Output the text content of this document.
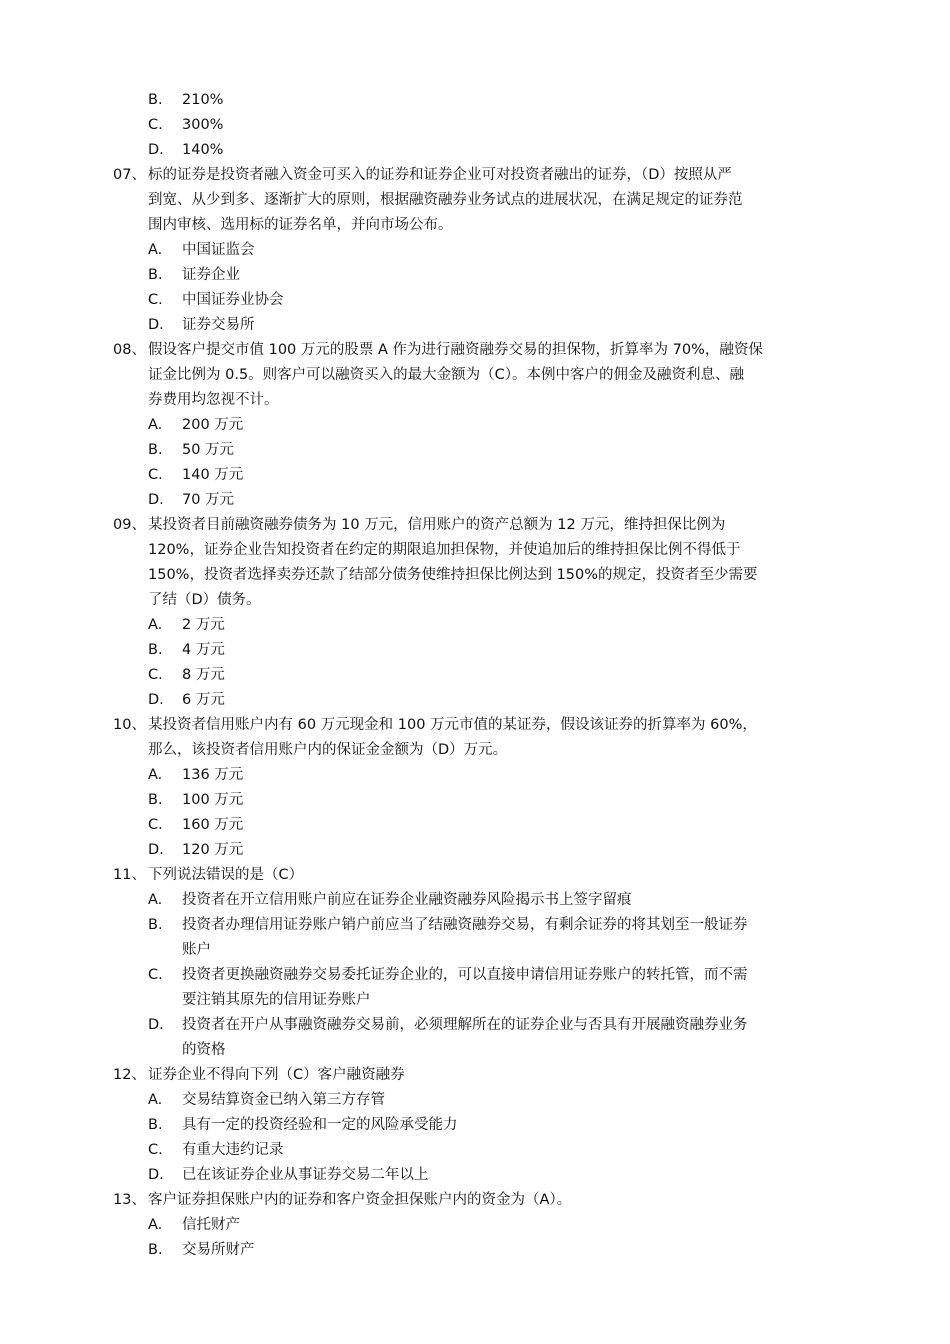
B. 210%
C. 300%
D. 140%
07、 标的证券是投资者融入资金可买入的证券和证券企业可对投资者融出的证券，（D）按照从严
到宽、从少到多、逐渐扩大的原则，根据融资融券业务试点的进展状况，在满足规定的证券范
围内审核、选用标的证券名单，并向市场公布。
A. 中国证监会
B. 证券企业
C. 中国证券业协会
D. 证券交易所
08、 假设客户提交市值 100 万元的股票 A 作为进行融资融券交易的担保物，折算率为 70%，融资保
证金比例为 0.5。则客户可以融资买入的最大金额为（C）。本例中客户的佣金及融资利息、融
券费用均忽视不计。
A. 200 万元
B. 50 万元
C. 140 万元
D. 70 万元
09、 某投资者目前融资融券债务为 10 万元，信用账户的资产总额为 12 万元，维持担保比例为
120%，证券企业告知投资者在约定的期限追加担保物，并使追加后的维持担保比例不得低于
150%，投资者选择卖券还款了结部分债务使维持担保比例达到 150%的规定，投资者至少需要
了结（D）债务。
A. 2 万元
B. 4 万元
C. 8 万元
D. 6 万元
10、 某投资者信用账户内有 60 万元现金和 100 万元市值的某证券，假设该证券的折算率为 60%，
那么，该投资者信用账户内的保证金金额为（D）万元。
A. 136 万元
B. 100 万元
C. 160 万元
D. 120 万元
11、 下列说法错误的是（C）
A. 投资者在开立信用账户前应在证券企业融资融券风险揭示书上签字留痕
B. 投资者办理信用证券账户销户前应当了结融资融券交易，有剩余证券的将其划至一般证券
账户
C. 投资者更换融资融券交易委托证券企业的，可以直接申请信用证券账户的转托管，而不需
要注销其原先的信用证券账户
D. 投资者在开户从事融资融券交易前，必须理解所在的证券企业与否具有开展融资融券业务
的资格
12、 证券企业不得向下列（C）客户融资融券
A. 交易结算资金已纳入第三方存管
B. 具有一定的投资经验和一定的风险承受能力
C. 有重大违约记录
D. 已在该证券企业从事证券交易二年以上
13、 客户证券担保账户内的证券和客户资金担保账户内的资金为（A）。
A. 信托财产
B. 交易所财产
